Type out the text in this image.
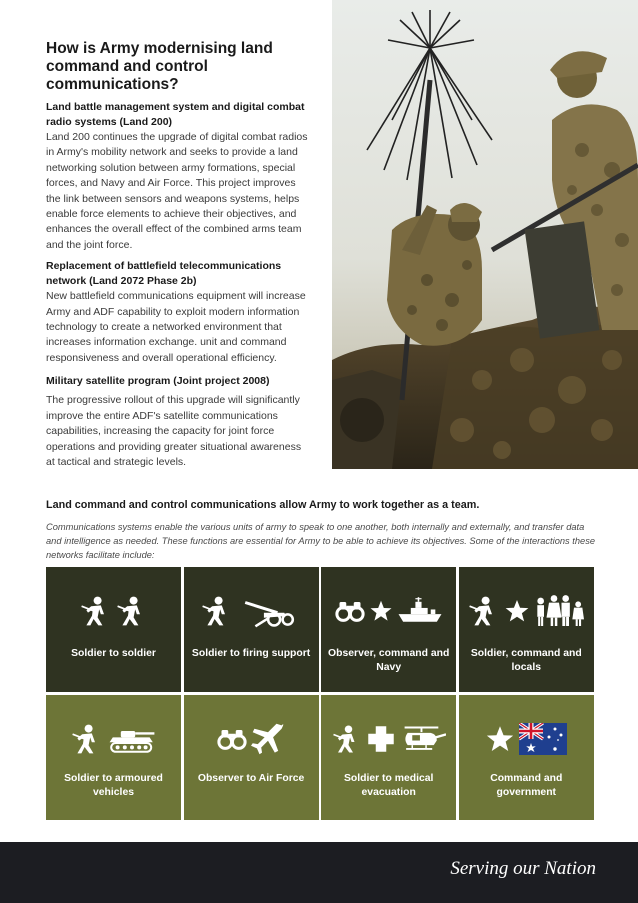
How is Army modernising land command and control communications?
Land battle management system and digital combat radio systems (Land 200)

Land 200 continues the upgrade of digital combat radios in Army's mobility network and seeks to provide a land networking solution between army formations, special forces, and Navy and Air Force. This project improves the link between sensors and weapons systems, helps enable force elements to achieve their objectives, and enhances the overall effect of the combined arms team and the joint force.

Replacement of battlefield telecommunications network (Land 2072 Phase 2b)

New battlefield communications equipment will increase Army and ADF capability to exploit modern information technology to create a networked environment that increases information exchange. unit and command responsiveness and overall operational efficiency.

Military satellite program (Joint project 2008)

The progressive rollout of this upgrade will significantly improve the entire ADF's satellite communications capabilities, increasing the capacity for joint force operations and providing greater situational awareness at tactical and strategic levels.

Land command and control communications allow Army to work together as a team.

Communications systems enable the various units of army to speak to one another, both internally and externally, and transfer data and intelligence as needed. These functions are essential for Army to be able to achieve its objectives. Some of the interactions these networks facilitate include:

Soldier to soldier	Soldier to firing support Observer, command and Navy
Soldier, command and locals
Soldier to armoured vehicles
Observer to Air Force	Soldier to medical evacuation
Command and government
Serving our Nation
